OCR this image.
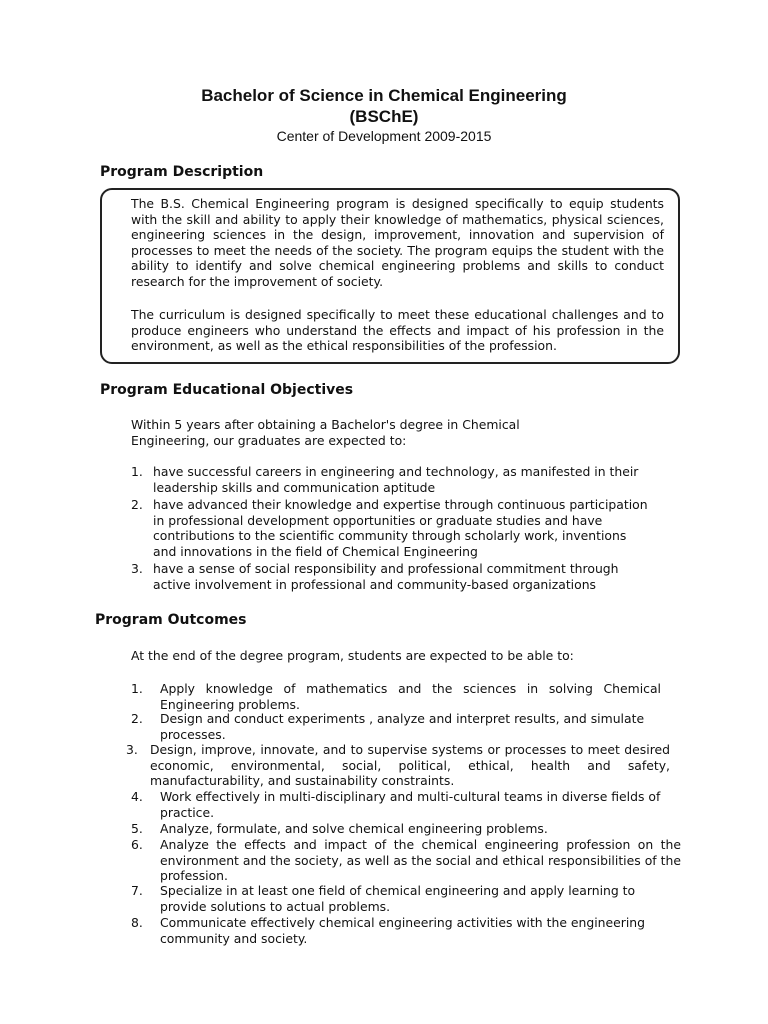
Bachelor of Science in Chemical Engineering
(BSChE)
Center of Development 2009-2015
Program Description
The B.S. Chemical Engineering program is designed specifically to equip students with the skill and ability to apply their knowledge of mathematics, physical sciences, engineering sciences in the design, improvement, innovation and supervision of processes to meet the needs of the society. The program equips the student with the ability to identify and solve chemical engineering problems and skills to conduct research for the improvement of society.
The curriculum is designed specifically to meet these educational challenges and to produce engineers who understand the effects and impact of his profession in the environment, as well as the ethical responsibilities of the profession.
Program Educational Objectives
Within 5 years after obtaining a Bachelor's degree in Chemical Engineering, our graduates are expected to:
1. have successful careers in engineering and technology, as manifested in their leadership skills and communication aptitude
2. have advanced their knowledge and expertise through continuous participation in professional development opportunities or graduate studies and have contributions to the scientific community through scholarly work, inventions and innovations in the field of Chemical Engineering
3. have a sense of social responsibility and professional commitment through active involvement in professional and community-based organizations
Program Outcomes
At the end of the degree program, students are expected to be able to:
1. Apply knowledge of mathematics and the sciences in solving Chemical Engineering problems.
2. Design and conduct experiments , analyze and interpret results, and simulate processes.
3. Design, improve, innovate, and to supervise systems or processes to meet desired economic, environmental, social, political, ethical, health and safety, manufacturability, and sustainability constraints.
4. Work effectively in multi-disciplinary and multi-cultural teams in diverse fields of practice.
5. Analyze, formulate, and solve chemical engineering problems.
6. Analyze the effects and impact of the chemical engineering profession on the environment and the society, as well as the social and ethical responsibilities of the profession.
7. Specialize in at least one field of chemical engineering and apply learning to provide solutions to actual problems.
8. Communicate effectively chemical engineering activities with the engineering community and society.
